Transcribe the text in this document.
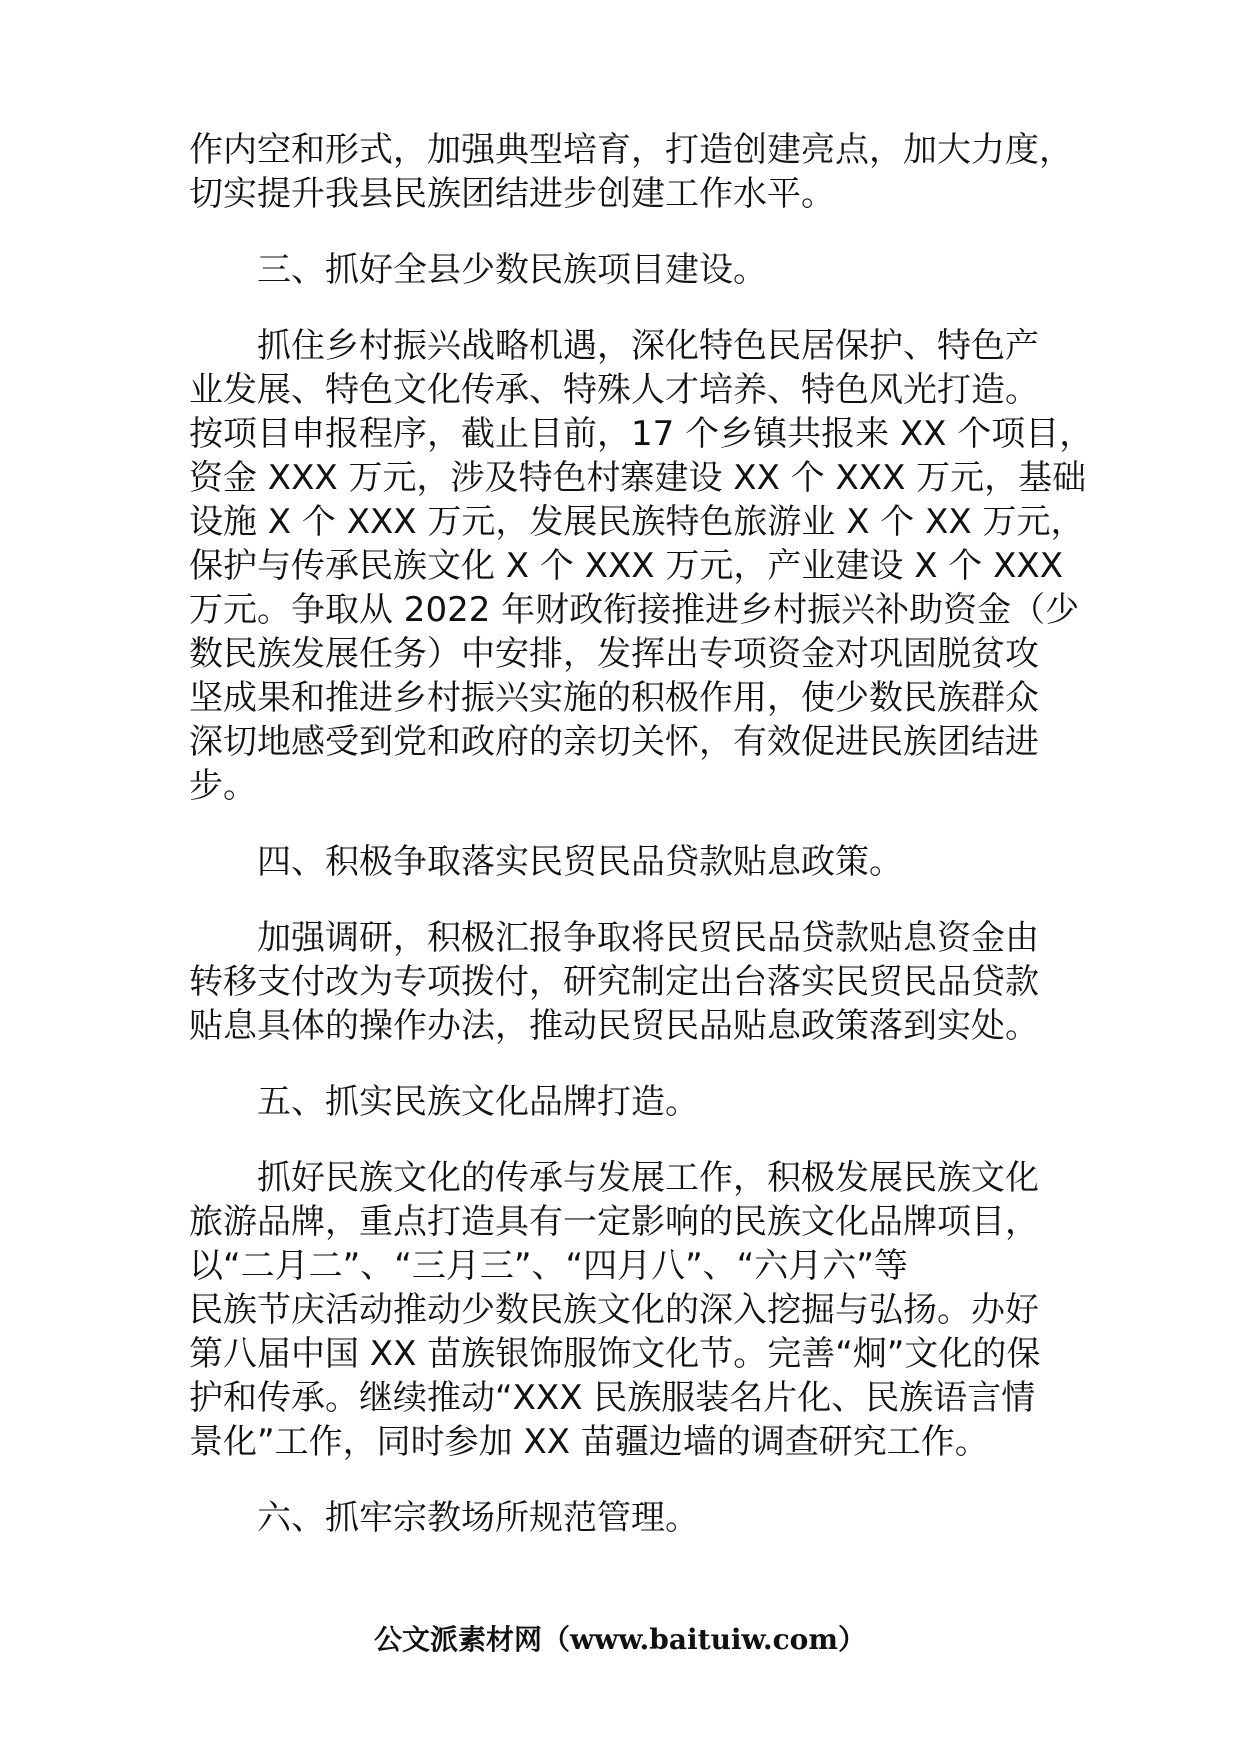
作内空和形式，加强典型培育，打造创建亮点，加大力度，

切实提升我县民族团结进步创建工作水平。

三、抓好全县少数民族项目建设。

　　抓住乡村振兴战略机遇，深化特色民居保护、特色产

业发展、特色文化传承、特殊人才培养、特色风光打造。

按项目申报程序，截止目前，17 个乡镇共报来 XX 个项目，

资金 XXX 万元，涉及特色村寨建设 XX 个 XXX 万元，基础

设施 X 个 XXX 万元，发展民族特色旅游业 X 个 XX 万元，

保护与传承民族文化 X 个 XXX 万元，产业建设 X 个 XXX

万元。争取从 2022 年财政衔接推进乡村振兴补助资金（少

数民族发展任务）中安排，发挥出专项资金对巩固脱贫攻

坚成果和推进乡村振兴实施的积极作用，使少数民族群众

深切地感受到党和政府的亲切关怀，有效促进民族团结进

步。

四、积极争取落实民贸民品贷款贴息政策。

　　加强调研，积极汇报争取将民贸民品贷款贴息资金由

转移支付改为专项拨付，研究制定出台落实民贸民品贷款

贴息具体的操作办法，推动民贸民品贴息政策落到实处。

五、抓实民族文化品牌打造。

　　抓好民族文化的传承与发展工作，积极发展民族文化

旅游品牌，重点打造具有一定影响的民族文化品牌项目，

以“二月二”、“三月三”、“四月八”、“六月六”等

民族节庆活动推动少数民族文化的深入挖掘与弘扬。办好

第八届中国 XX 苗族银饰服饰文化节。完善“炯”文化的保

护和传承。继续推动“XXX 民族服装名片化、民族语言情

景化”工作，同时参加 XX 苗疆边墙的调查研究工作。

六、抓牢宗教场所规范管理。

公文派素材网（www.baituiw.com）
